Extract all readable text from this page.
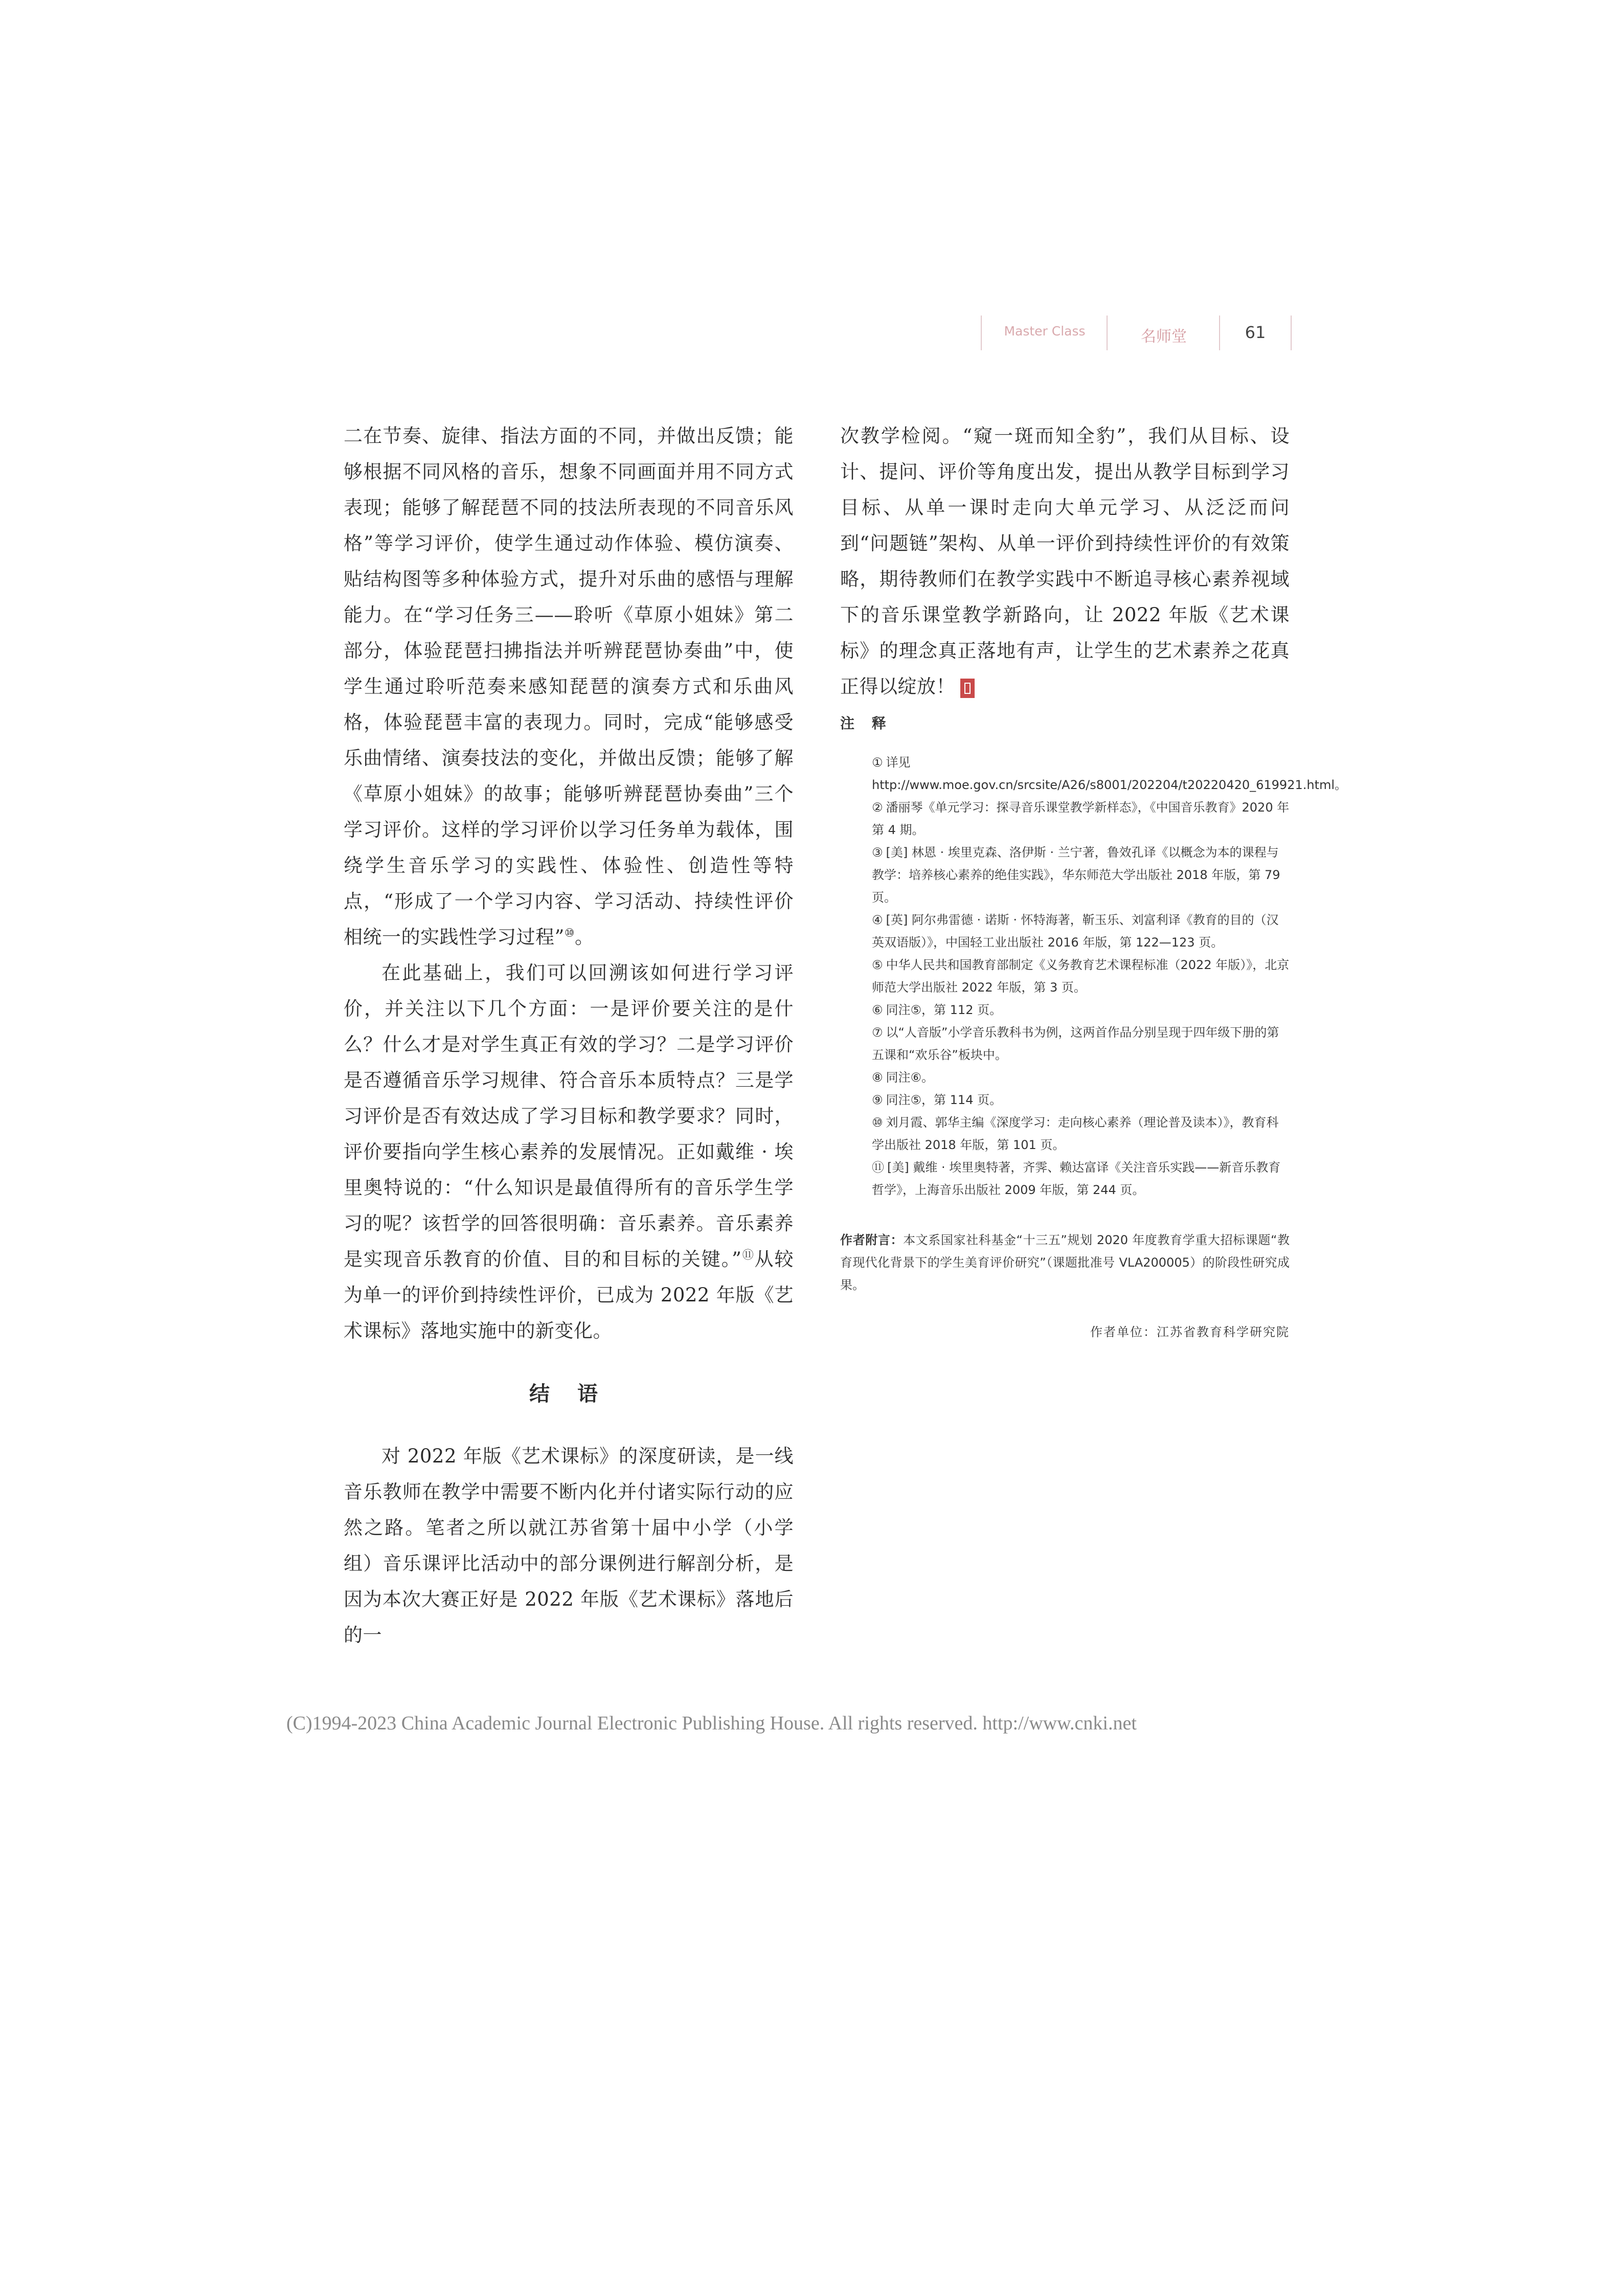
Master Class	名师堂	61

二在节奏、旋律、指法方面的不同，并做出反馈；能够根据不同风格的音乐，想象不同画面并用不同方式表现；能够了解琵琶不同的技法所表现的不同音乐风格”等学习评价，使学生通过动作体验、模仿演奏、贴结构图等多种体验方式，提升对乐曲的感悟与理解能力。在“学习任务三——聆听《草原小姐妹》第二部分，体验琵琶扫拂指法并听辨琵琶协奏曲”中，使学生通过聆听范奏来感知琵琶的演奏方式和乐曲风格，体验琵琶丰富的表现力。同时，完成“能够感受乐曲情绪、演奏技法的变化，并做出反馈；能够了解《草原小姐妹》的故事；能够听辨琵琶协奏曲”三个学习评价。这样的学习评价以学习任务单为载体，围绕学生音乐学习的实践性、体验性、创造性等特点，“形成了一个学习内容、学习活动、持续性评价相统一的实践性学习过程”⑩。

在此基础上，我们可以回溯该如何进行学习评价，并关注以下几个方面：一是评价要关注的是什么？什么才是对学生真正有效的学习？二是学习评价是否遵循音乐学习规律、符合音乐本质特点？三是学习评价是否有效达成了学习目标和教学要求？同时，评价要指向学生核心素养的发展情况。正如戴维 · 埃里奥特说的：“什么知识是最值得所有的音乐学生学习的呢？该哲学的回答很明确：音乐素养。音乐素养是实现音乐教育的价值、目的和目标的关键。”⑪从较为单一的评价到持续性评价，已成为 2022 年版《艺术课标》落地实施中的新变化。

结 语

对 2022 年版《艺术课标》的深度研读，是一线音乐教师在教学中需要不断内化并付诸实际行动的应然之路。笔者之所以就江苏省第十届中小学（小学组）音乐课评比活动中的部分课例进行解剖分析，是因为本次大赛正好是 2022 年版《艺术课标》落地后的一

次教学检阅。“窥一斑而知全豹”，我们从目标、设计、提问、评价等角度出发，提出从教学目标到学习目标、从单一课时走向大单元学习、从泛泛而问到“问题链”架构、从单一评价到持续性评价的有效策略，期待教师们在教学实践中不断追寻核心素养视域下的音乐课堂教学新路向，让 2022 年版《艺术课标》的理念真正落地有声，让学生的艺术素养之花真正得以绽放！

注 释

① 详见 http://www.moe.gov.cn/srcsite/A26/s8001/202204/t20220420_619921.html。

② 潘丽琴《单元学习：探寻音乐课堂教学新样态》，《中国音乐教育》2020 年第 4 期。

③ [美] 林恩 · 埃里克森、洛伊斯 · 兰宁著，鲁效孔译《以概念为本的课程与教学：培养核心素养的绝佳实践》，华东师范大学出版社 2018 年版，第 79 页。

④ [英] 阿尔弗雷德 · 诺斯 · 怀特海著，靳玉乐、刘富利译《教育的目的（汉英双语版）》，中国轻工业出版社 2016 年版，第 122—123 页。

⑤ 中华人民共和国教育部制定《义务教育艺术课程标准（2022 年版）》，北京师范大学出版社 2022 年版，第 3 页。

⑥ 同注⑤，第 112 页。

⑦ 以“人音版”小学音乐教科书为例，这两首作品分别呈现于四年级下册的第五课和“欢乐谷”板块中。

⑧ 同注⑥。

⑨ 同注⑤，第 114 页。

⑩ 刘月霞、郭华主编《深度学习：走向核心素养（理论普及读本）》，教育科学出版社 2018 年版，第 101 页。

⑪ [美] 戴维 · 埃里奥特著，齐霁、赖达富译《关注音乐实践——新音乐教育哲学》，上海音乐出版社 2009 年版，第 244 页。

作者附言：本文系国家社科基金“十三五”规划 2020 年度教育学重大招标课题“教育现代化背景下的学生美育评价研究”（课题批准号 VLA200005）的阶段性研究成果。

作者单位：江苏省教育科学研究院
(C)1994-2023 China Academic Journal Electronic Publishing House. All rights reserved. http://www.cnki.net
